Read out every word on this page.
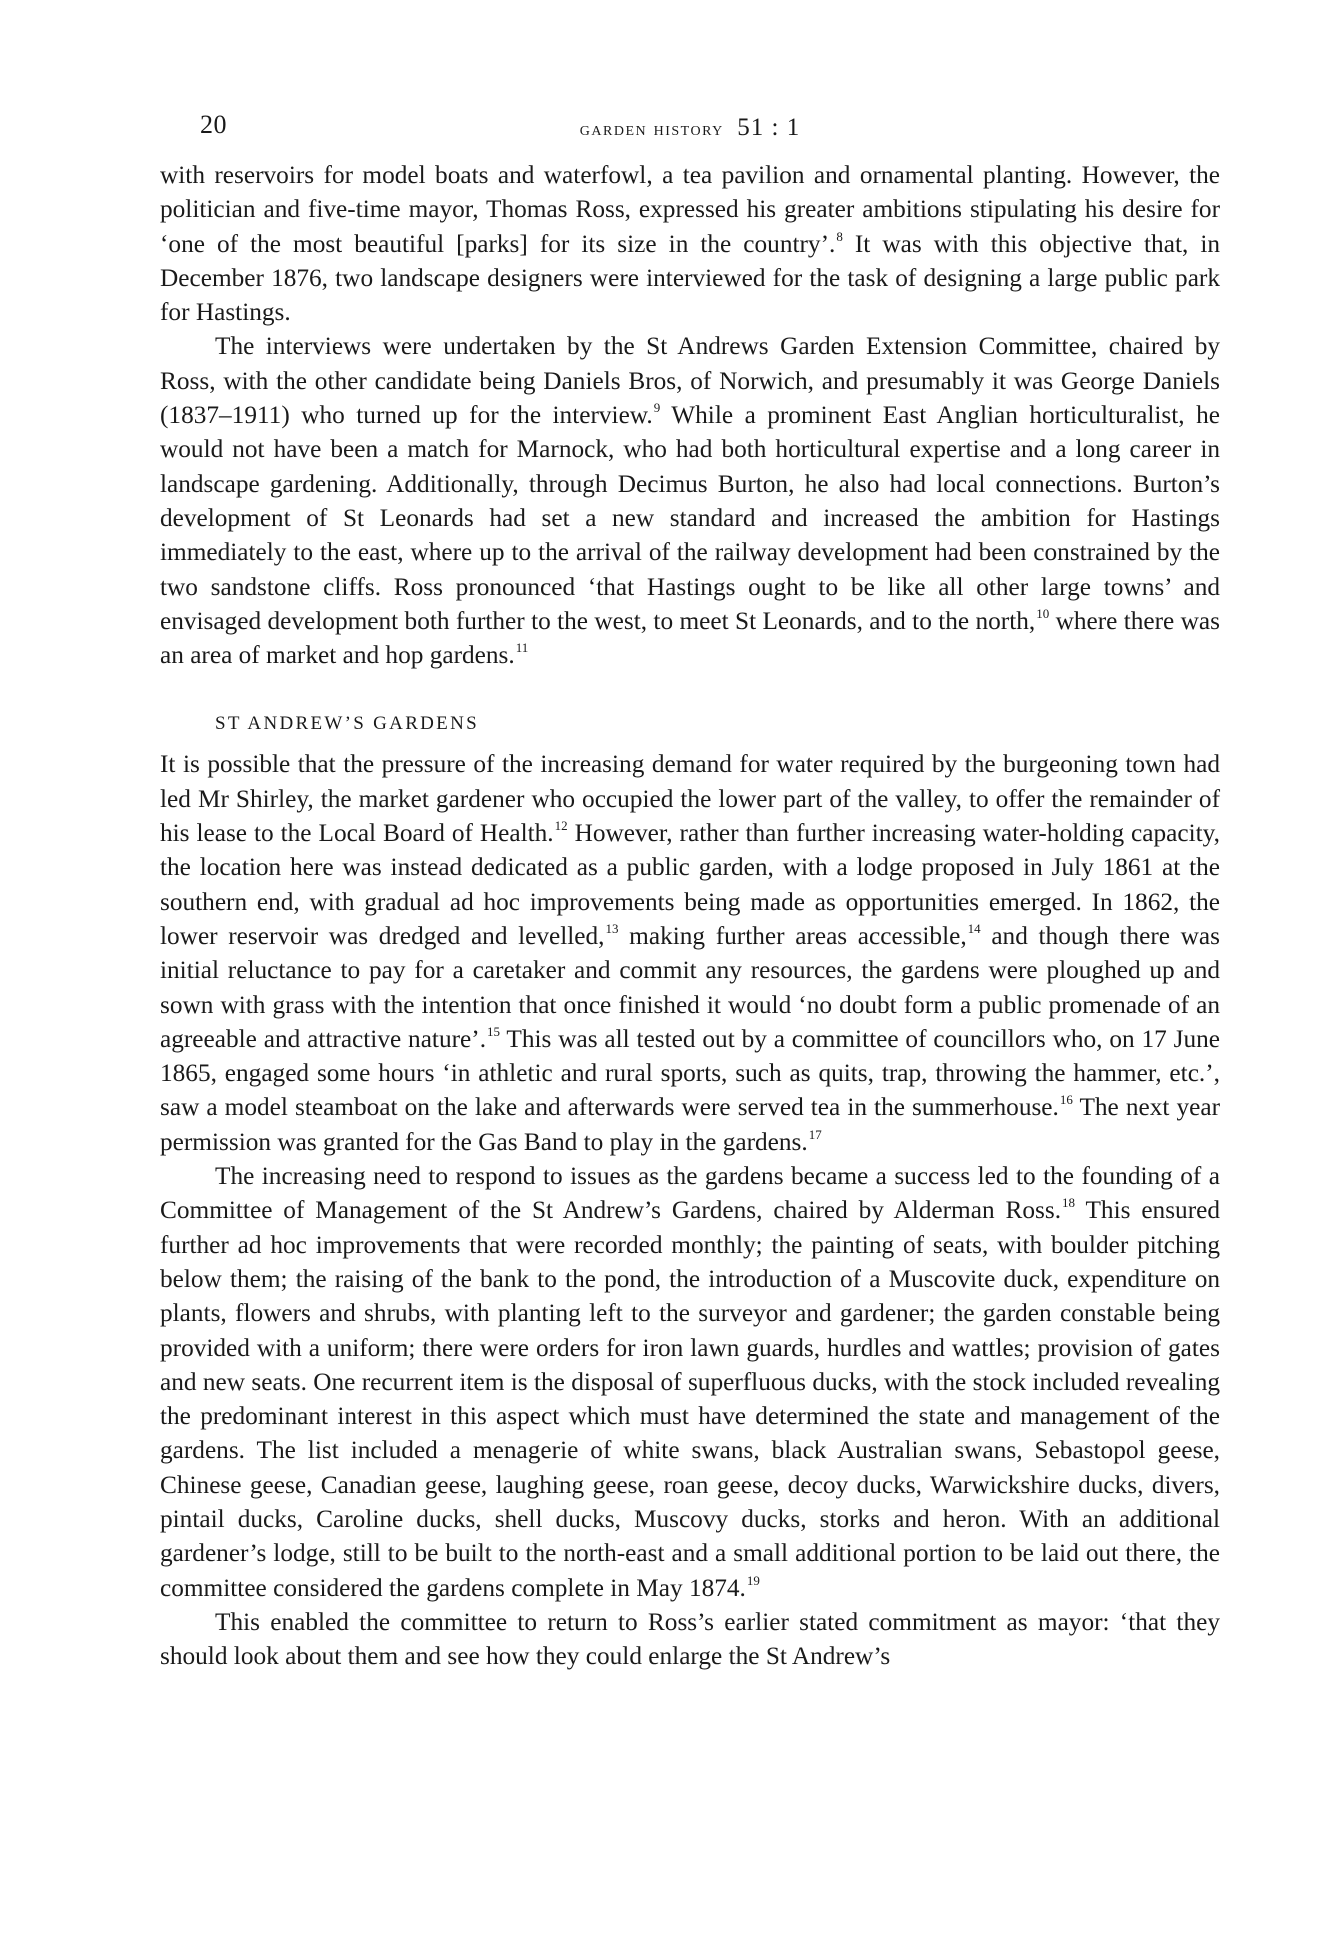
20	garden history 51 : 1

with reservoirs for model boats and waterfowl, a tea pavilion and ornamental planting. However, the politician and five-time mayor, Thomas Ross, expressed his greater ambitions stipulating his desire for ‘one of the most beautiful [parks] for its size in the country’.$^8$ It was with this objective that, in December 1876, two landscape designers were interviewed for the task of designing a large public park for Hastings.

The interviews were undertaken by the St Andrews Garden Extension Committee, chaired by Ross, with the other candidate being Daniels Bros, of Norwich, and presumably it was George Daniels (1837–1911) who turned up for the interview.$^9$ While a prominent East Anglian horticulturalist, he would not have been a match for Marnock, who had both horticultural expertise and a long career in landscape gardening. Additionally, through Decimus Burton, he also had local connections. Burton’s development of St Leonards had set a new standard and increased the ambition for Hastings immediately to the east, where up to the arrival of the railway development had been constrained by the two sandstone cliffs. Ross pronounced ‘that Hastings ought to be like all other large towns’ and envisaged development both further to the west, to meet St Leonards, and to the north,$^{10}$ where there was an area of market and hop gardens.$^{11}$

ST ANDREW’S GARDENS

It is possible that the pressure of the increasing demand for water required by the burgeoning town had led Mr Shirley, the market gardener who occupied the lower part of the valley, to offer the remainder of his lease to the Local Board of Health.$^{12}$ However, rather than further increasing water-holding capacity, the location here was instead dedicated as a public garden, with a lodge proposed in July 1861 at the southern end, with gradual ad hoc improvements being made as opportunities emerged. In 1862, the lower reservoir was dredged and levelled,$^{13}$ making further areas accessible,$^{14}$ and though there was initial reluctance to pay for a caretaker and commit any resources, the gardens were ploughed up and sown with grass with the intention that once finished it would ‘no doubt form a public promenade of an agreeable and attractive nature’.$^{15}$ This was all tested out by a committee of councillors who, on 17 June 1865, engaged some hours ‘in athletic and rural sports, such as quits, trap, throwing the hammer, etc.’, saw a model steamboat on the lake and afterwards were served tea in the summerhouse.$^{16}$ The next year permission was granted for the Gas Band to play in the gardens.$^{17}$

The increasing need to respond to issues as the gardens became a success led to the founding of a Committee of Management of the St Andrew’s Gardens, chaired by Alderman Ross.$^{18}$ This ensured further ad hoc improvements that were recorded monthly; the painting of seats, with boulder pitching below them; the raising of the bank to the pond, the introduction of a Muscovite duck, expenditure on plants, flowers and shrubs, with planting left to the surveyor and gardener; the garden constable being provided with a uniform; there were orders for iron lawn guards, hurdles and wattles; provision of gates and new seats. One recurrent item is the disposal of superfluous ducks, with the stock included revealing the predominant interest in this aspect which must have determined the state and management of the gardens. The list included a menagerie of white swans, black Australian swans, Sebastopol geese, Chinese geese, Canadian geese, laughing geese, roan geese, decoy ducks, Warwickshire ducks, divers, pintail ducks, Caroline ducks, shell ducks, Muscovy ducks, storks and heron. With an additional gardener’s lodge, still to be built to the north-east and a small additional portion to be laid out there, the committee considered the gardens complete in May 1874.19

This enabled the committee to return to Ross’s earlier stated commitment as mayor: ‘that they should look about them and see how they could enlarge the St Andrew’s
